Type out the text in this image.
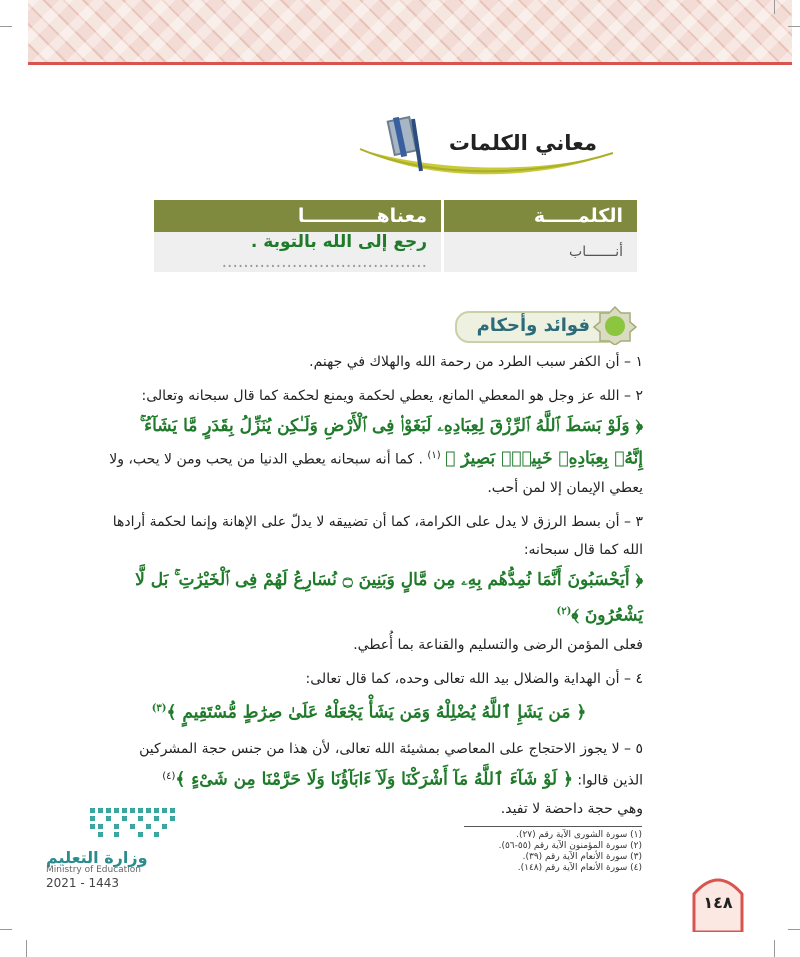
معاني الكلمات
الكلمـــــة	معناهـــــــــــا
أنـــــــاب	رجع إلى الله بالتوبة . ......................................
فوائد وأحكام

١ – أن الكفر سبب الطرد من رحمة الله والهلاك في جهنم.

٢ – الله عز وجل هو المعطي المانع، يعطي لحكمة ويمنع لحكمة كما قال سبحانه وتعالى:
﴿ وَلَوْ بَسَطَ ٱللَّهُ ٱلرِّزْقَ لِعِبَادِهِۦ لَبَغَوْا۟ فِى ٱلْأَرْضِ وَلَـٰكِن يُنَزِّلُ بِقَدَرٍ مَّا يَشَآءُ ۚ
إِنَّهُۥ بِعِبَادِهِۦ خَبِيرٌۢ بَصِيرٌ ﴾ $^{(١)}$ . كما أنه سبحانه يعطي الدنيا من يحب ومن لا يحب، ولا يعطي الإيمان إلا لمن أحب.

٣ – أن بسط الرزق لا يدل على الكرامة، كما أن تضييقه لا يدلّ على الإهانة وإنما لحكمة أرادها الله كما قال سبحانه:
﴿ أَيَحْسَبُونَ أَنَّمَا نُمِدُّهُم بِهِۦ مِن مَّالٍ وَبَنِينَ ۝ نُسَارِعُ لَهُمْ فِى ٱلْخَيْرَٰتِ ۚ بَل لَّا يَشْعُرُونَ ﴾$^{(٢)}$
فعلى المؤمن الرضى والتسليم والقناعة بما أُعطي.

٤ – أن الهداية والضلال بيد الله تعالى وحده، كما قال تعالى:
﴿ مَن يَشَإِ ٱللَّهُ يُضْلِلْهُ وَمَن يَشَأْ يَجْعَلْهُ عَلَىٰ صِرَٰطٍ مُّسْتَقِيمٍ ﴾$^{(٣)}$

٥ – لا يجوز الاحتجاج على المعاصي بمشيئة الله تعالى، لأن هذا من جنس حجة المشركين
الذين قالوا: ﴿ لَوْ شَآءَ ٱللَّهُ مَآ أَشْرَكْنَا وَلَآ ءَابَآؤُنَا وَلَا حَرَّمْنَا مِن شَىْءٍ ﴾$^{(٤)}$
وهي حجة داحضة لا تفيد.

(١) سورة الشورى الآية رقم (٢٧).
(٢) سورة المؤمنون الآية رقم (٥٥-٥٦).
(٣) سورة الأنعام الآية رقم (٣٩).
(٤) سورة الأنعام الآية رقم (١٤٨).
وزارة التعليم
Ministry of Education
2021 - 1443
١٤٨
